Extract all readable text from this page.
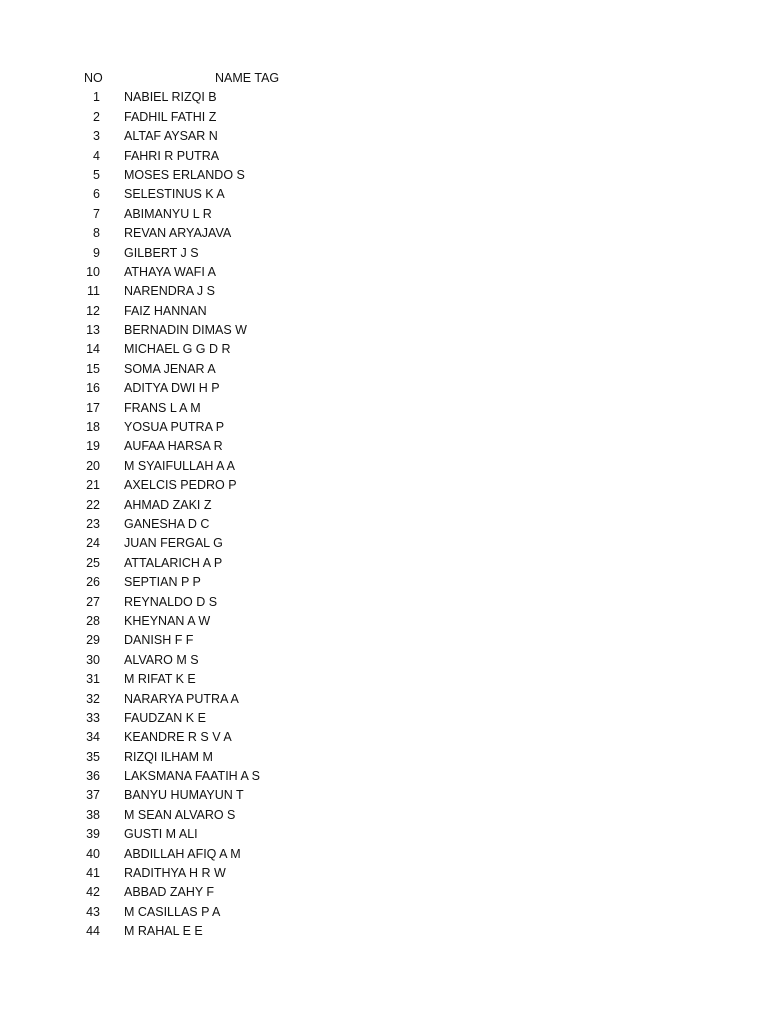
NO	NAME TAG
1 NABIEL RIZQI B
2 FADHIL FATHI Z
3 ALTAF AYSAR N
4 FAHRI R PUTRA
5 MOSES ERLANDO S
6 SELESTINUS K A
7 ABIMANYU L R
8 REVAN ARYAJAVA
9 GILBERT J S
10 ATHAYA WAFI A
11 NARENDRA J S
12 FAIZ HANNAN
13 BERNADIN DIMAS W
14 MICHAEL G G D R
15 SOMA JENAR A
16 ADITYA DWI H P
17 FRANS L A M
18 YOSUA PUTRA P
19 AUFAA HARSA R
20 M SYAIFULLAH A A
21 AXELCIS PEDRO P
22 AHMAD ZAKI Z
23 GANESHA D C
24 JUAN FERGAL G
25 ATTALARICH A P
26 SEPTIAN P P
27 REYNALDO D S
28 KHEYNAN A W
29 DANISH F F
30 ALVARO M S
31 M RIFAT K E
32 NARARYA PUTRA A
33 FAUDZAN K E
34 KEANDRE R S V A
35 RIZQI ILHAM M
36 LAKSMANA FAATIH A S
37 BANYU HUMAYUN T
38 M SEAN ALVARO S
39 GUSTI M ALI
40 ABDILLAH AFIQ A M
41 RADITHYA H R W
42 ABBAD ZAHY F
43 M CASILLAS P A
44 M RAHAL E E
